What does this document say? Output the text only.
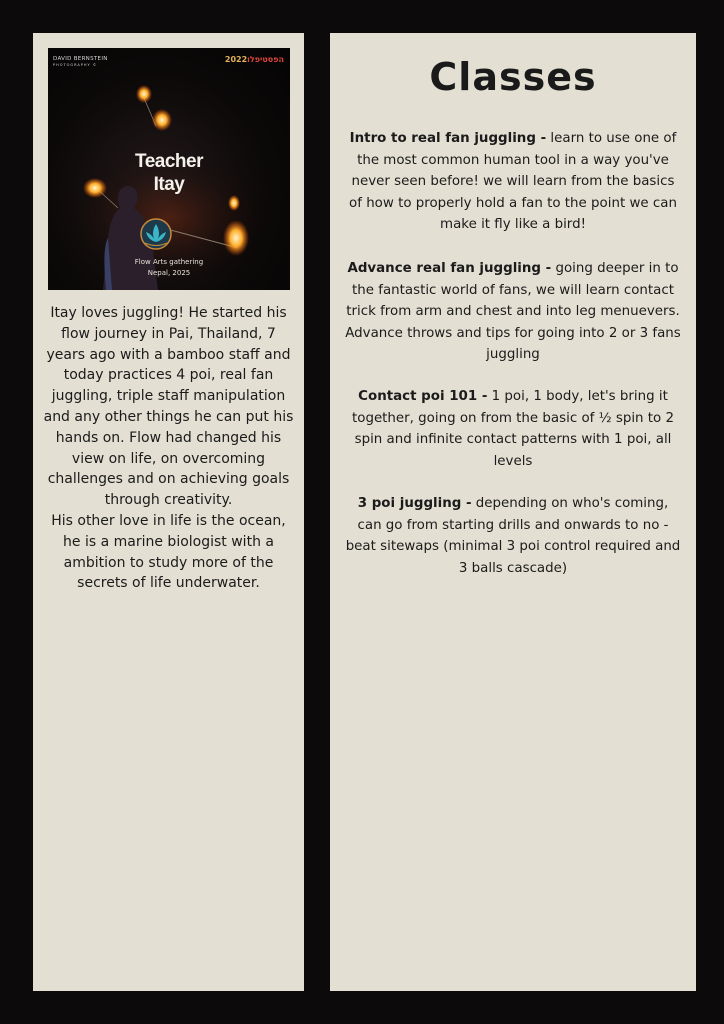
DAVID BERNSTEIN
PHOTOGRAPHY ©
2022הפסטיפלו
Teacher
Itay
Flow Arts gathering
Nepal, 2025
Itay loves juggling! He started his flow journey in Pai, Thailand, 7 years ago with a bamboo staff and today practices 4 poi, real fan juggling, triple staff manipulation and any other things he can put his hands on. Flow had changed his view on life, on overcoming challenges and on achieving goals through creativity.
His other love in life is the ocean, he is a marine biologist with a ambition to study more of the secrets of life underwater.
Classes
Intro to real fan juggling - learn to use one of the most common human tool in a way you've never seen before! we will learn from the basics of how to properly hold a fan to the point we can make it fly like a bird!
Advance real fan juggling - going deeper in to the fantastic world of fans, we will learn contact trick from arm and chest and into leg menuevers. Advance throws and tips for going into 2 or 3 fans juggling
Contact poi 101 - 1 poi, 1 body, let's bring it together, going on from the basic of ½ spin to 2 spin and infinite contact patterns with 1 poi, all levels
3 poi juggling - depending on who's coming, can go from starting drills and onwards to no - beat sitewaps (minimal 3 poi control required and 3 balls cascade)
